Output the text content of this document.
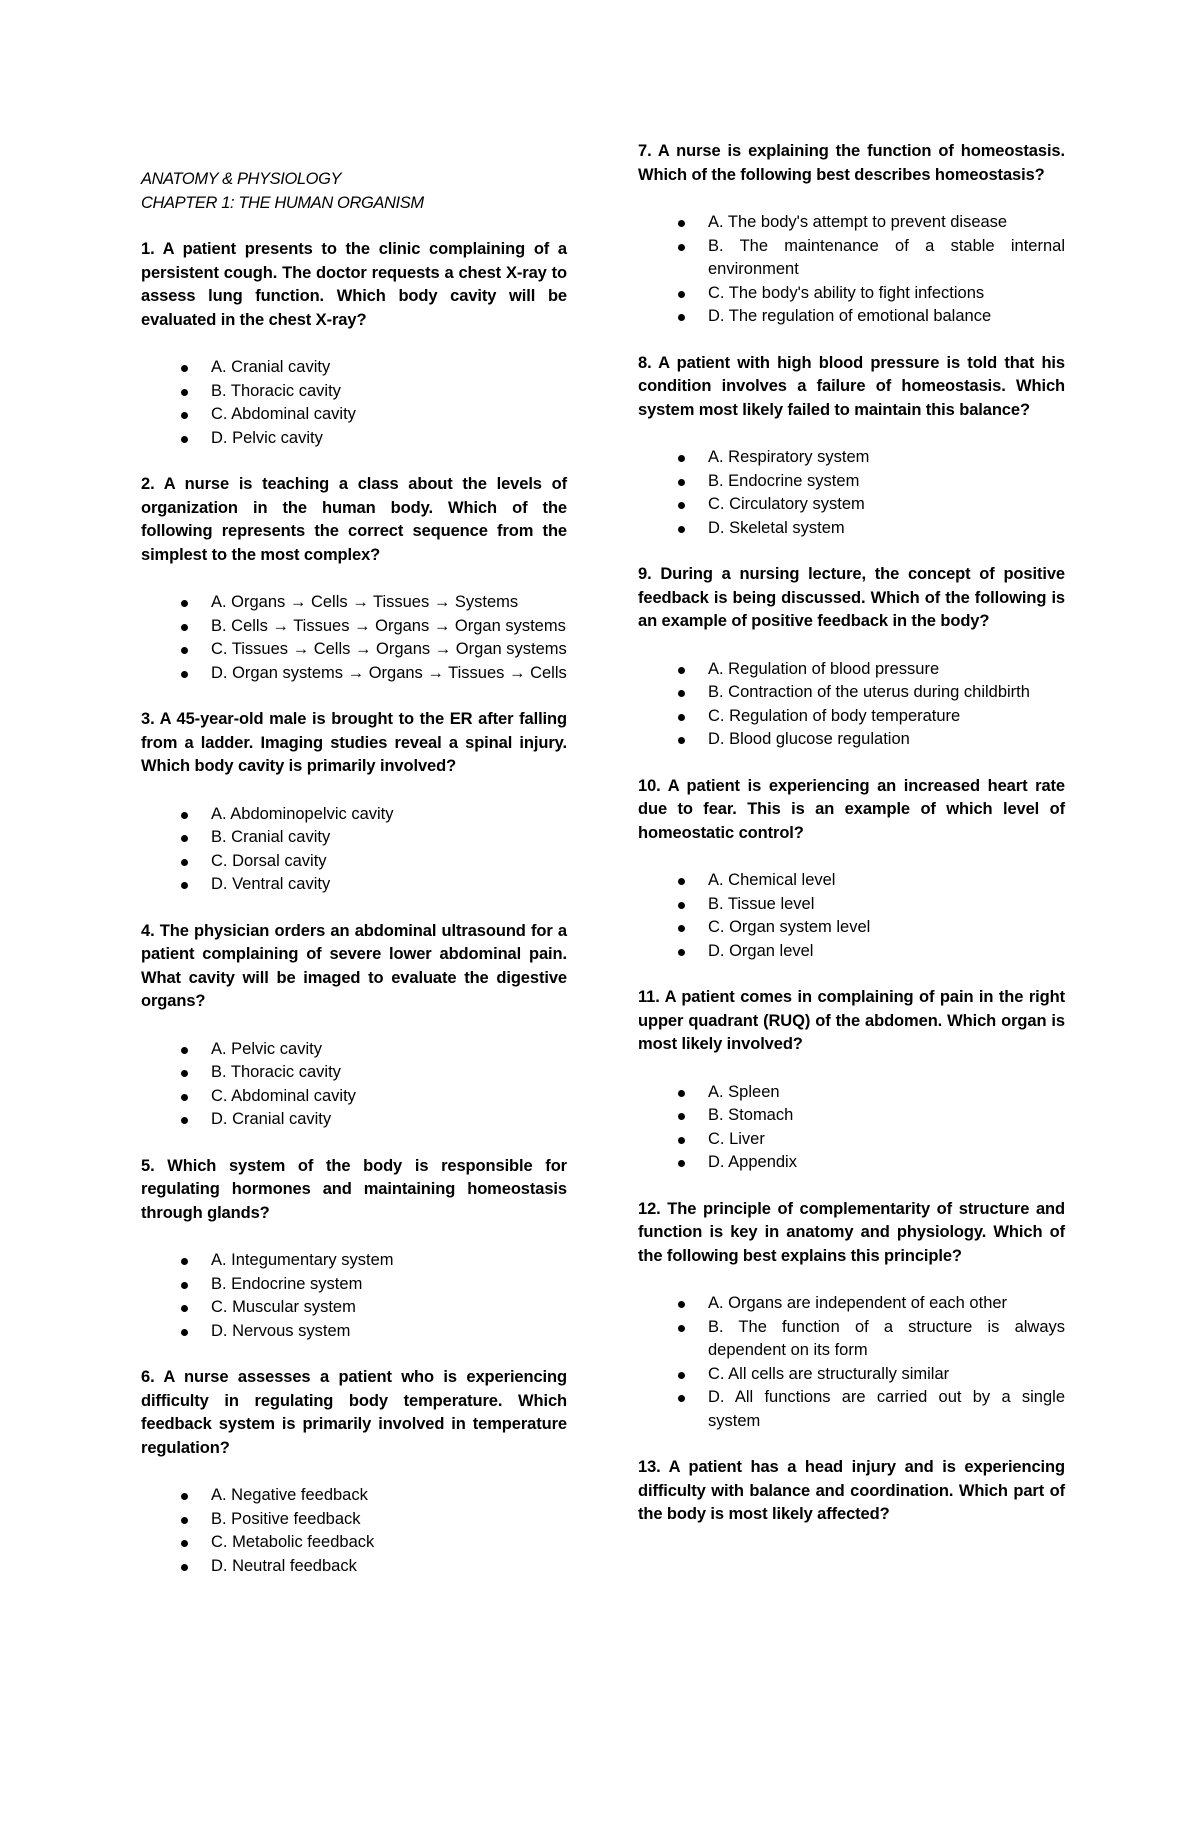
ANATOMY & PHYSIOLOGY
CHAPTER 1: THE HUMAN ORGANISM

1. A patient presents to the clinic complaining of a persistent cough. The doctor requests a chest X-ray to assess lung function. Which body cavity will be evaluated in the chest X-ray?

A. Cranial cavity
B. Thoracic cavity
C. Abdominal cavity
D. Pelvic cavity

2. A nurse is teaching a class about the levels of organization in the human body. Which of the following represents the correct sequence from the simplest to the most complex?

A. Organs → Cells → Tissues → Systems
B. Cells → Tissues → Organs → Organ systems
C. Tissues → Cells → Organs → Organ systems
D. Organ systems → Organs → Tissues → Cells

3. A 45-year-old male is brought to the ER after falling from a ladder. Imaging studies reveal a spinal injury. Which body cavity is primarily involved?

A. Abdominopelvic cavity
B. Cranial cavity
C. Dorsal cavity
D. Ventral cavity

4. The physician orders an abdominal ultrasound for a patient complaining of severe lower abdominal pain. What cavity will be imaged to evaluate the digestive organs?

A. Pelvic cavity
B. Thoracic cavity
C. Abdominal cavity
D. Cranial cavity

5. Which system of the body is responsible for regulating hormones and maintaining homeostasis through glands?

A. Integumentary system
B. Endocrine system
C. Muscular system
D. Nervous system

6. A nurse assesses a patient who is experiencing difficulty in regulating body temperature. Which feedback system is primarily involved in temperature regulation?

A. Negative feedback
B. Positive feedback
C. Metabolic feedback
D. Neutral feedback

7. A nurse is explaining the function of homeostasis. Which of the following best describes homeostasis?

A. The body's attempt to prevent disease
B. The maintenance of a stable internal environment
C. The body's ability to fight infections
D. The regulation of emotional balance

8. A patient with high blood pressure is told that his condition involves a failure of homeostasis. Which system most likely failed to maintain this balance?

A. Respiratory system
B. Endocrine system
C. Circulatory system
D. Skeletal system

9. During a nursing lecture, the concept of positive feedback is being discussed. Which of the following is an example of positive feedback in the body?

A. Regulation of blood pressure
B. Contraction of the uterus during childbirth
C. Regulation of body temperature
D. Blood glucose regulation

10. A patient is experiencing an increased heart rate due to fear. This is an example of which level of homeostatic control?

A. Chemical level
B. Tissue level
C. Organ system level
D. Organ level

11. A patient comes in complaining of pain in the right upper quadrant (RUQ) of the abdomen. Which organ is most likely involved?

A. Spleen
B. Stomach
C. Liver
D. Appendix

12. The principle of complementarity of structure and function is key in anatomy and physiology. Which of the following best explains this principle?

A. Organs are independent of each other
B. The function of a structure is always dependent on its form
C. All cells are structurally similar
D. All functions are carried out by a single system

13. A patient has a head injury and is experiencing difficulty with balance and coordination. Which part of the body is most likely affected?
